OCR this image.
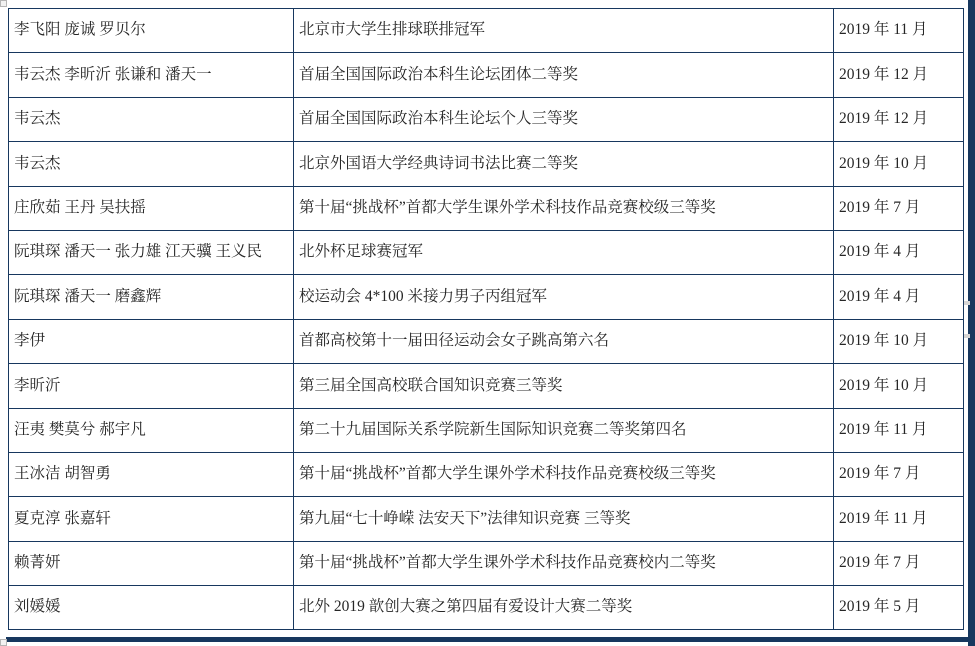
李飞阳 庞诚 罗贝尔	北京市大学生排球联排冠军	2019 年 11 月
韦云杰 李昕沂 张谦和 潘天一	首届全国国际政治本科生论坛团体二等奖	2019 年 12 月
韦云杰	首届全国国际政治本科生论坛个人三等奖	2019 年 12 月
韦云杰	北京外国语大学经典诗词书法比赛二等奖	2019 年 10 月
庄欣茹 王丹 吴扶摇	第十届“挑战杯”首都大学生课外学术科技作品竞赛校级三等奖	2019 年 7 月
阮琪琛 潘天一 张力雄 江天骥 王义民	北外杯足球赛冠军	2019 年 4 月
阮琪琛 潘天一 磨鑫辉	校运动会 4*100 米接力男子丙组冠军	2019 年 4 月
李伊	首都高校第十一届田径运动会女子跳高第六名	2019 年 10 月
李昕沂	第三届全国高校联合国知识竞赛三等奖	2019 年 10 月
汪夷 樊莫兮 郝宇凡	第二十九届国际关系学院新生国际知识竞赛二等奖第四名	2019 年 11 月
王冰洁 胡智勇	第十届“挑战杯”首都大学生课外学术科技作品竞赛校级三等奖	2019 年 7 月
夏克淳 张嘉轩	第九届“七十峥嵘 法安天下”法律知识竞赛 三等奖	2019 年 11 月
赖菁妍	第十届“挑战杯”首都大学生课外学术科技作品竞赛校内二等奖	2019 年 7 月
刘媛媛	北外 2019 歆创大赛之第四届有爱设计大赛二等奖	2019 年 5 月
